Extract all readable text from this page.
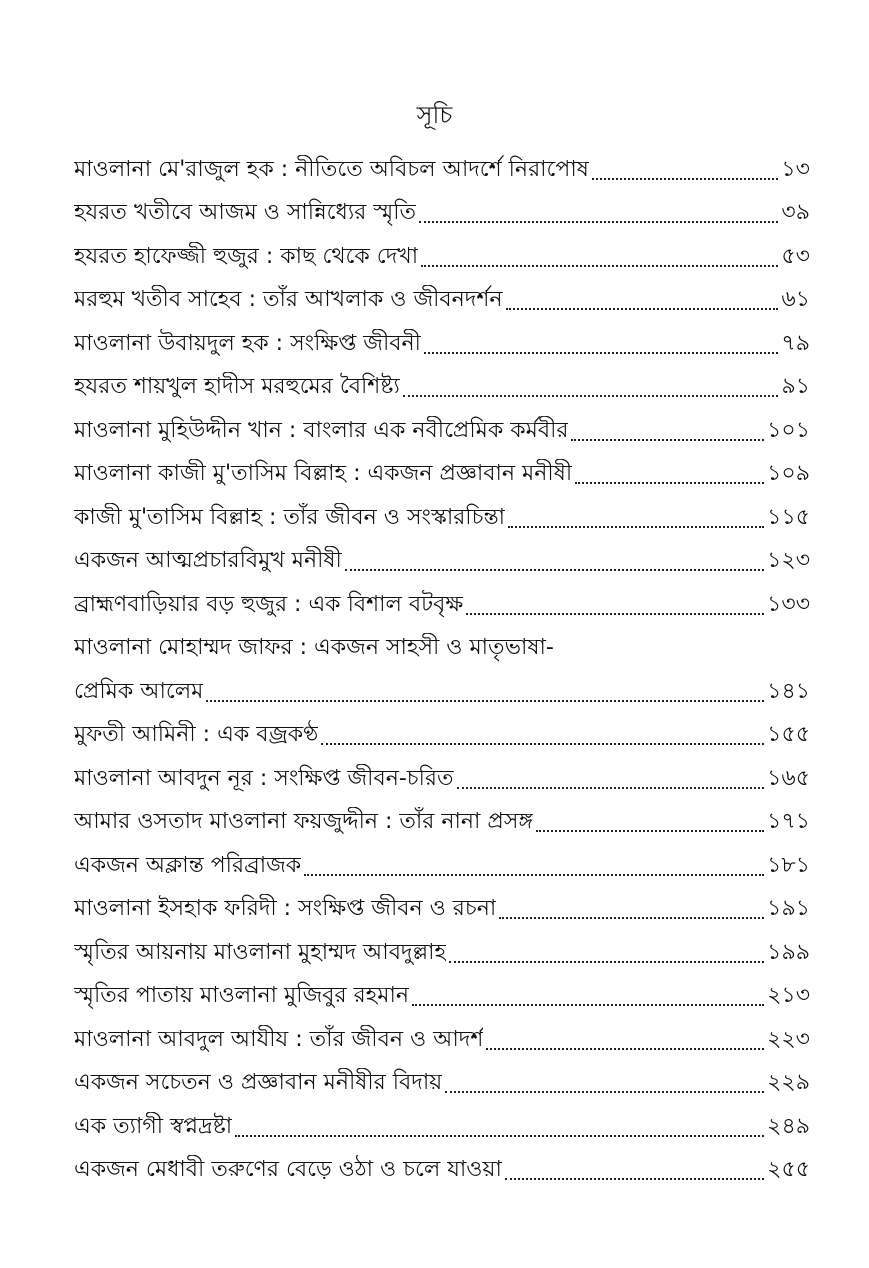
সূচি
মাওলানা মে'রাজুল হক : নীতিতে অবিচল আদর্শে নিরাপোষ	১৩
হযরত খতীবে আজম ও সান্নিধ্যের স্মৃতি	৩৯
হযরত হাফেজ্জী হুজুর : কাছ থেকে দেখা	৫৩
মরহুম খতীব সাহেব : তাঁর আখলাক ও জীবনদর্শন	৬১
মাওলানা উবায়দুল হক : সংক্ষিপ্ত জীবনী	৭৯
হযরত শায়খুল হাদীস মরহুমের বৈশিষ্ট্য	৯১
মাওলানা মুহিউদ্দীন খান : বাংলার এক নবীপ্রেমিক কর্মবীর	১০১
মাওলানা কাজী মু'তাসিম বিল্লাহ : একজন প্রজ্ঞাবান মনীষী	১০৯
কাজী মু'তাসিম বিল্লাহ : তাঁর জীবন ও সংস্কারচিন্তা	১১৫
একজন আত্মপ্রচারবিমুখ মনীষী	১২৩
ব্রাহ্মণবাড়িয়ার বড় হুজুর : এক বিশাল বটবৃক্ষ	১৩৩
মাওলানা মোহাম্মদ জাফর : একজন সাহসী ও মাতৃভাষা-
প্রেমিক আলেম	১৪১
মুফতী আমিনী : এক বজ্রকণ্ঠ	১৫৫
মাওলানা আবদুন নূর : সংক্ষিপ্ত জীবন-চরিত	১৬৫
আমার ওসতাদ মাওলানা ফয়জুদ্দীন : তাঁর নানা প্রসঙ্গ	১৭১
একজন অক্লান্ত পরিব্রাজক	১৮১
মাওলানা ইসহাক ফরিদী : সংক্ষিপ্ত জীবন ও রচনা	১৯১
স্মৃতির আয়নায় মাওলানা মুহাম্মদ আবদুল্লাহ	১৯৯
স্মৃতির পাতায় মাওলানা মুজিবুর রহমান	২১৩
মাওলানা আবদুল আযীয : তাঁর জীবন ও আদর্শ	২২৩
একজন সচেতন ও প্রজ্ঞাবান মনীষীর বিদায়	২২৯
এক ত্যাগী স্বপ্নদ্রষ্টা	২৪৯
একজন মেধাবী তরুণের বেড়ে ওঠা ও চলে যাওয়া	২৫৫
